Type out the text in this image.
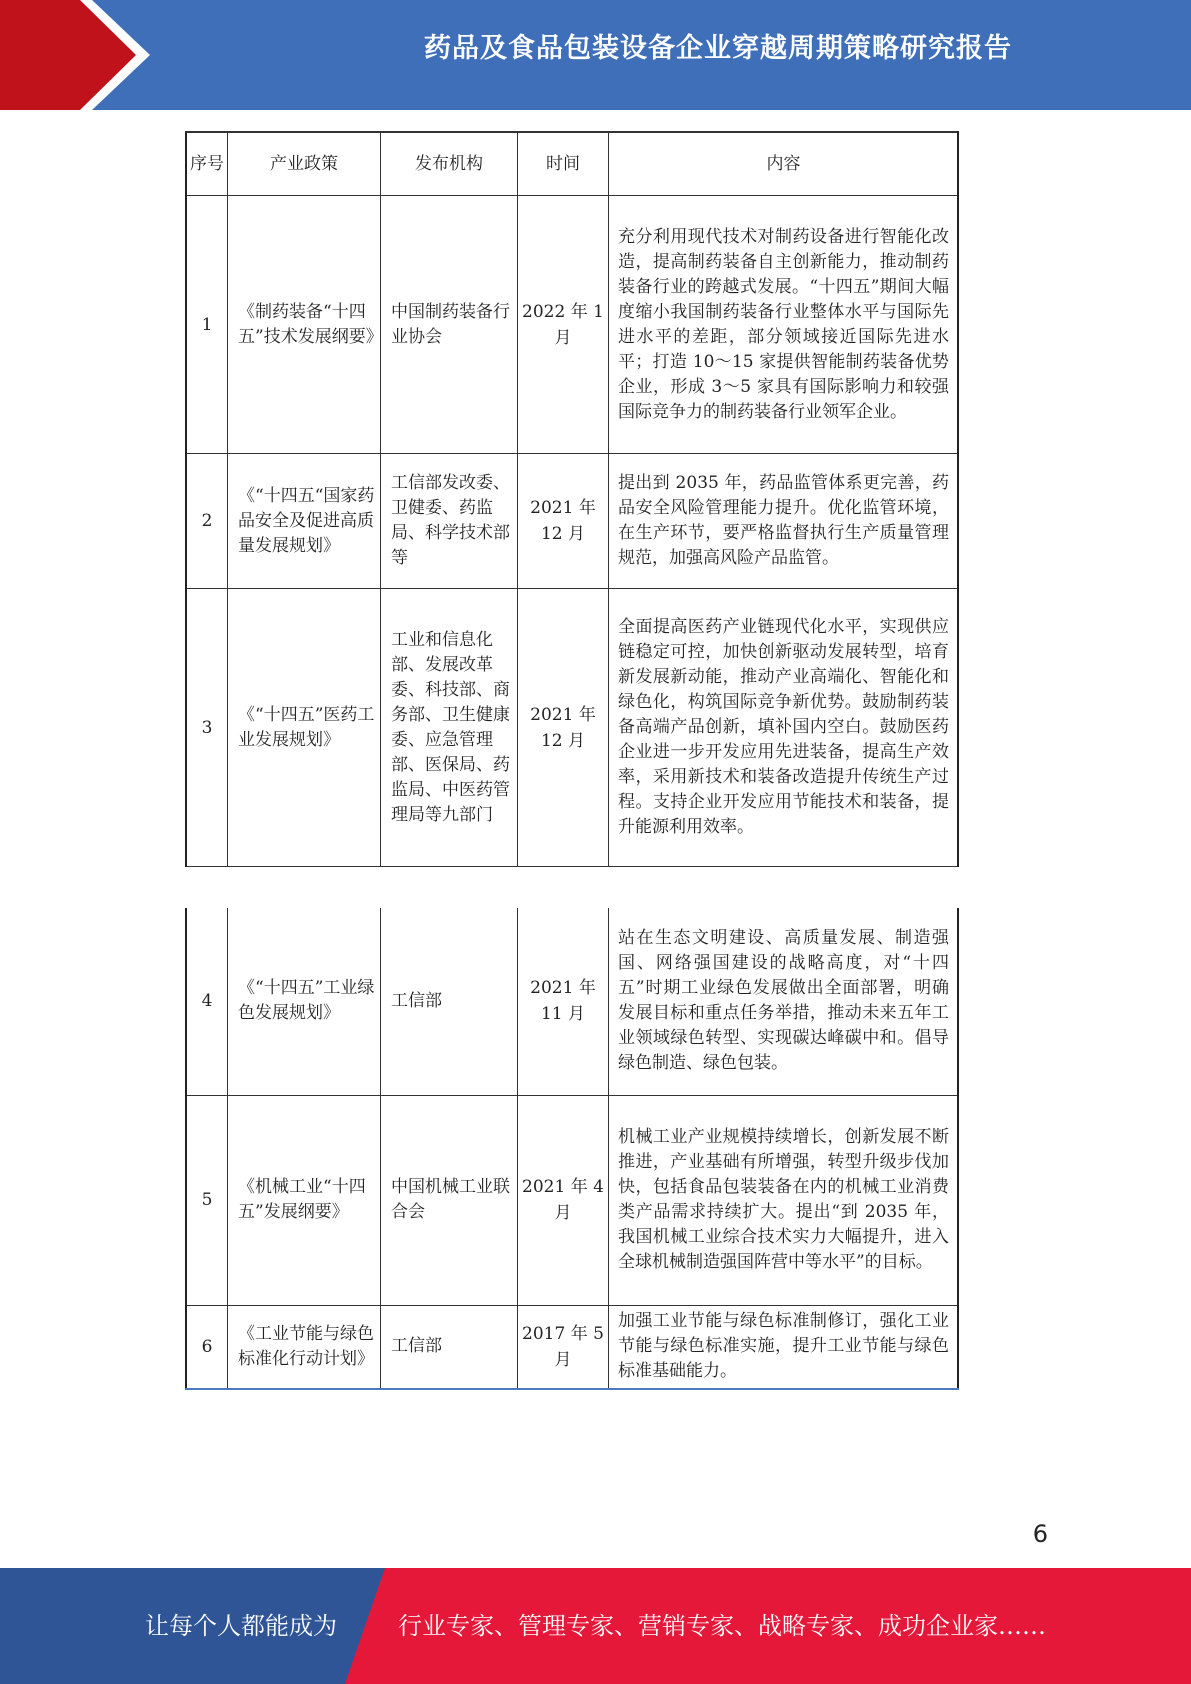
药品及食品包装设备企业穿越周期策略研究报告
序号	产业政策	发布机构	时间	内容
1	《制药装备“十四五”技术发展纲要》	中国制药装备行业协会	2022 年 1 月	充分利用现代技术对制药设备进行智能化改造，提高制药装备自主创新能力，推动制药装备行业的跨越式发展。“十四五”期间大幅度缩小我国制药装备行业整体水平与国际先进水平的差距，部分领域接近国际先进水平；打造 10～15 家提供智能制药装备优势企业，形成 3～5 家具有国际影响力和较强国际竞争力的制药装备行业领军企业。
2	《“十四五“国家药品安全及促进高质量发展规划》	工信部发改委、卫健委、药监局、科学技术部等	2021 年 12 月	提出到 2035 年，药品监管体系更完善，药品安全风险管理能力提升。优化监管环境，在生产环节，要严格监督执行生产质量管理规范，加强高风险产品监管。
3	《“十四五”医药工业发展规划》	工业和信息化部、发展改革委、科技部、商务部、卫生健康委、应急管理部、医保局、药监局、中医药管理局等九部门	2021 年 12 月	全面提高医药产业链现代化水平，实现供应链稳定可控，加快创新驱动发展转型，培育新发展新动能，推动产业高端化、智能化和绿色化，构筑国际竞争新优势。鼓励制药装备高端产品创新，填补国内空白。鼓励医药企业进一步开发应用先进装备，提高生产效率，采用新技术和装备改造提升传统生产过程。支持企业开发应用节能技术和装备，提升能源利用效率。
4	《“十四五”工业绿色发展规划》	工信部	2021 年 11 月	站在生态文明建设、高质量发展、制造强国、网络强国建设的战略高度，对“十四五”时期工业绿色发展做出全面部署，明确发展目标和重点任务举措，推动未来五年工业领域绿色转型、实现碳达峰碳中和。倡导绿色制造、绿色包装。
5	《机械工业“十四五”发展纲要》	中国机械工业联合会	2021 年 4 月	机械工业产业规模持续增长，创新发展不断推进，产业基础有所增强，转型升级步伐加快，包括食品包装装备在内的机械工业消费类产品需求持续扩大。提出“到 2035 年，我国机械工业综合技术实力大幅提升，进入全球机械制造强国阵营中等水平”的目标。
6	《工业节能与绿色标准化行动计划》	工信部	2017 年 5 月	加强工业节能与绿色标准制修订，强化工业节能与绿色标准实施，提升工业节能与绿色标准基础能力。
6
让每个人都能成为	行业专家、管理专家、营销专家、战略专家、成功企业家……
